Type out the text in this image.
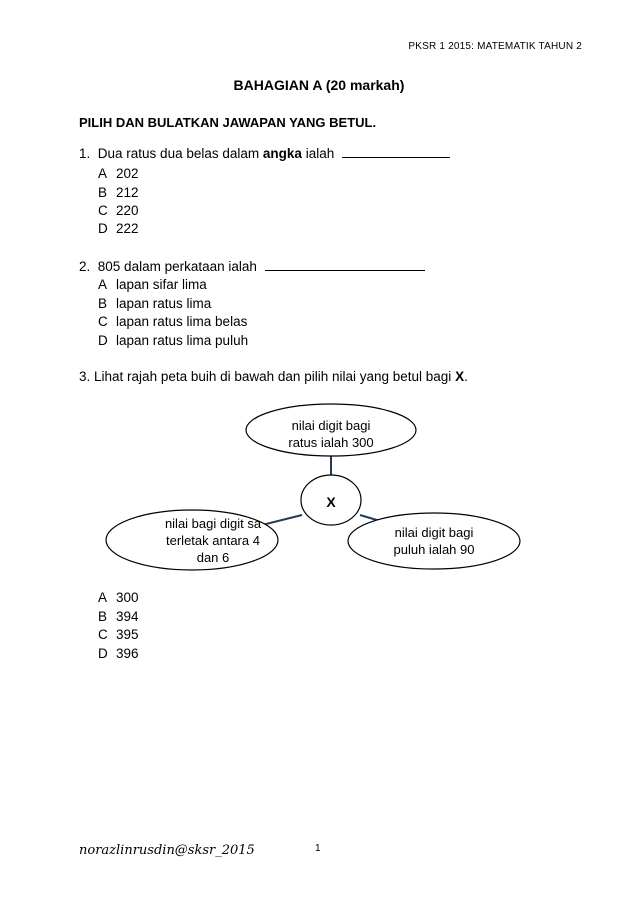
PKSR 1 2015: MATEMATIK TAHUN 2
BAHAGIAN A (20 markah)
PILIH DAN BULATKAN JAWAPAN YANG BETUL.
1. Dua ratus dua belas dalam angka ialah
A 202
B 212
C 220
D 222
2. 805 dalam perkataan ialah
A lapan sifar lima
B lapan ratus lima
C lapan ratus lima belas
D lapan ratus lima puluh
3. Lihat rajah peta buih di bawah dan pilih nilai yang betul bagi X.
nilai digit bagi
ratus ialah 300
X
nilai bagi digit sa
terletak antara 4
dan 6
nilai digit bagi
puluh ialah 90
A 300
B 394
C 395
D 396
norazlinrusdin@sksr_2015	1
